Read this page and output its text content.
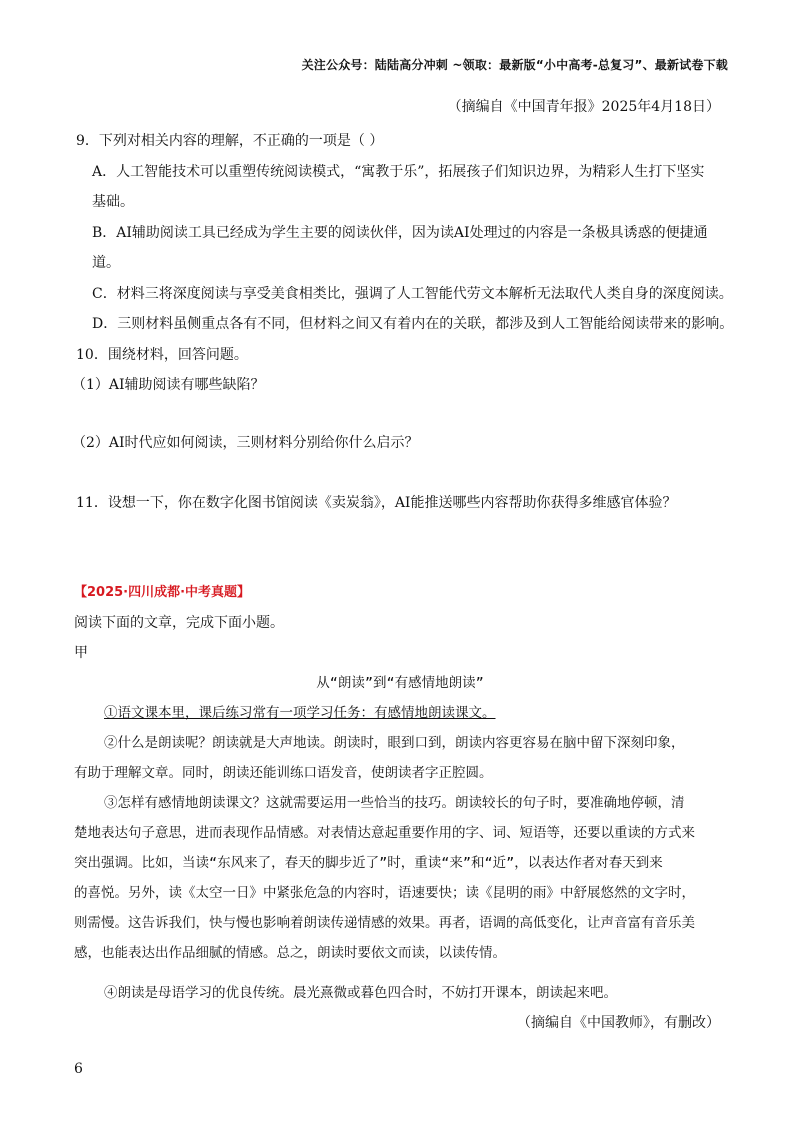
关注公众号：陆陆高分冲刺 ~领取：最新版“小中高考-总复习”、最新试卷下载
（摘编自《中国青年报》2025年4月18日）
9．下列对相关内容的理解，不正确的一项是（ ）
A．人工智能技术可以重塑传统阅读模式，“寓教于乐”，拓展孩子们知识边界，为精彩人生打下坚实
基础。
B．AI辅助阅读工具已经成为学生主要的阅读伙伴，因为读AI处理过的内容是一条极具诱惑的便捷通
道。
C．材料三将深度阅读与享受美食相类比，强调了人工智能代劳文本解析无法取代人类自身的深度阅读。
D．三则材料虽侧重点各有不同，但材料之间又有着内在的关联，都涉及到人工智能给阅读带来的影响。
10．围绕材料，回答问题。
（1）AI辅助阅读有哪些缺陷？
（2）AI时代应如何阅读，三则材料分别给你什么启示？
11．设想一下，你在数字化图书馆阅读《卖炭翁》，AI能推送哪些内容帮助你获得多维感官体验？
【2025·四川成都·中考真题】
阅读下面的文章，完成下面小题。
甲
从“朗读”到“有感情地朗读”
①语文课本里，课后练习常有一项学习任务：有感情地朗读课文。
②什么是朗读呢？朗读就是大声地读。朗读时，眼到口到，朗读内容更容易在脑中留下深刻印象，
有助于理解文章。同时，朗读还能训练口语发音，使朗读者字正腔圆。
③怎样有感情地朗读课文？这就需要运用一些恰当的技巧。朗读较长的句子时，要准确地停顿，清
楚地表达句子意思，进而表现作品情感。对表情达意起重要作用的字、词、短语等，还要以重读的方式来
突出强调。比如，当读“东风来了，春天的脚步近了”时，重读“来”和“近”，以表达作者对春天到来
的喜悦。另外，读《太空一日》中紧张危急的内容时，语速要快；读《昆明的雨》中舒展悠然的文字时，
则需慢。这告诉我们，快与慢也影响着朗读传递情感的效果。再者，语调的高低变化，让声音富有音乐美
感，也能表达出作品细腻的情感。总之，朗读时要依文而读，以读传情。
④朗读是母语学习的优良传统。晨光熹微或暮色四合时，不妨打开课本，朗读起来吧。
（摘编自《中国教师》，有删改）
6
